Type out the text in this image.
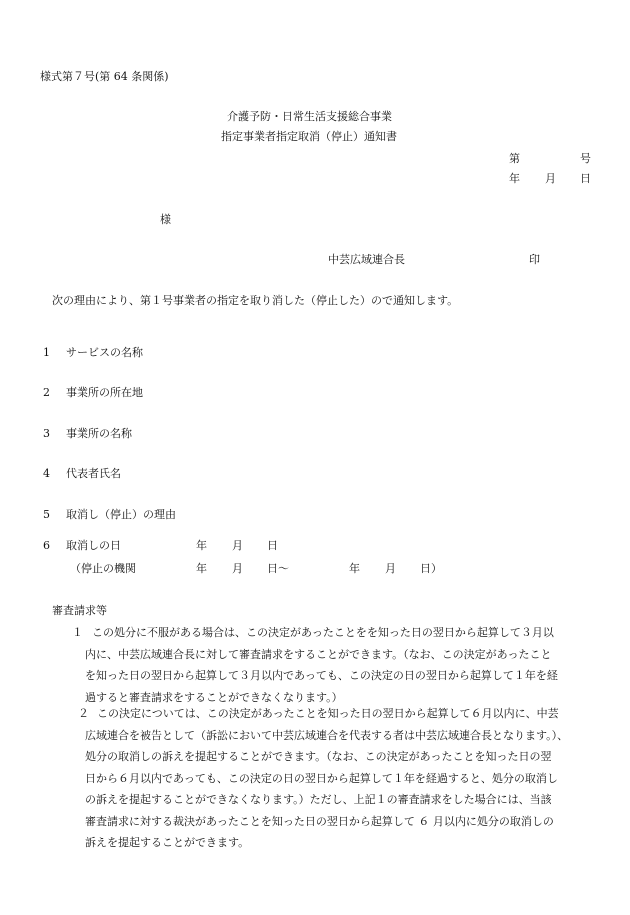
様式第７号(第 64 条関係)
介護予防・日常生活支援総合事業
指定事業者指定取消（停止）通知書
第	号
年 月 日
様
中芸広域連合長	印
次の理由により、第１号事業者の指定を取り消した（停止した）ので通知します。
1 サービスの名称
2 事業所の所在地
3 事業所の名称
4 代表者氏名
5 取消し（停止）の理由
6 取消しの日	年 月 日
（停止の機関	年 月 日〜	年 月 日）
審査請求等
１ この処分に不服がある場合は、この決定があったことをを知った日の翌日から起算して３月以

内に、中芸広域連合長に対して審査請求をすることができます。（なお、この決定があったこと

を知った日の翌日から起算して３月以内であっても、この決定の日の翌日から起算して１年を経

過すると審査請求をすることができなくなります。）

２ この決定については、この決定があったことを知った日の翌日から起算して６月以内に、中芸

広域連合を被告として（訴訟において中芸広域連合を代表する者は中芸広域連合長となります。）、

処分の取消しの訴えを提起することができます。（なお、この決定があったことを知った日の翌

日から６月以内であっても、この決定の日の翌日から起算して１年を経過すると、処分の取消し

の訴えを提起することができなくなります。）ただし、上記１の審査請求をした場合には、当該

審査請求に対する裁決があったことを知った日の翌日から起算して ６ 月以内に処分の取消しの

訴えを提起することができます。
